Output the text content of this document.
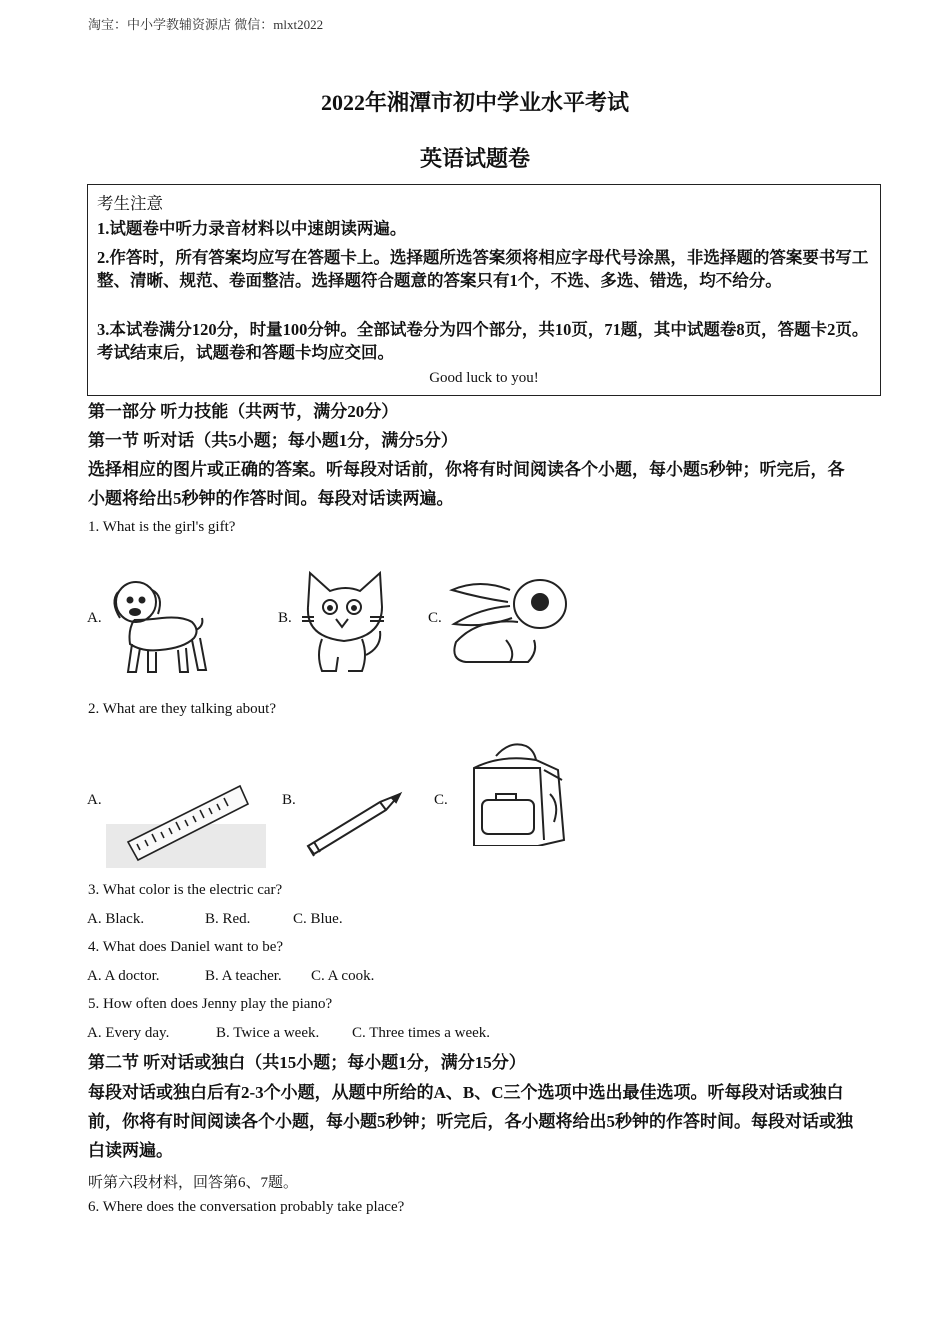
淘宝：中小学教辅资源店 微信：mlxt2022
2022年湘潭市初中学业水平考试
英语试题卷
考生注意
1.试题卷中听力录音材料以中速朗读两遍。
2.作答时，所有答案均应写在答题卡上。选择题所选答案须将相应字母代号涂黑，非选择题的答案要书写工整、清晰、规范、卷面整洁。选择题符合题意的答案只有1个，不选、多选、错选，均不给分。
3.本试卷满分120分，时量100分钟。全部试卷分为四个部分，共10页，71题，其中试题卷8页，答题卡2页。考试结束后，试题卷和答题卡均应交回。
Good luck to you!
第一部分 听力技能（共两节，满分20分）
第一节 听对话（共5小题；每小题1分，满分5分）
选择相应的图片或正确的答案。听每段对话前，你将有时间阅读各个小题，每小题5秒钟；听完后，各小题将给出5秒钟的作答时间。每段对话读两遍。
1. What is the girl's gift?
A.	B.	C.
2. What are they talking about?
A.	B.	C.
3. What color is the electric car?
A. Black.	B. Red.	C. Blue.
4. What does Daniel want to be?
A. A doctor.	B. A teacher. C. A cook.
5. How often does Jenny play the piano?
A. Every day.	B. Twice a week. C. Three times a week.
第二节 听对话或独白（共15小题；每小题1分，满分15分）
每段对话或独白后有2-3个小题，从题中所给的A、B、C三个选项中选出最佳选项。听每段对话或独白前，你将有时间阅读各个小题，每小题5秒钟；听完后，各小题将给出5秒钟的作答时间。每段对话或独白读两遍。
听第六段材料，回答第6、7题。
6. Where does the conversation probably take place?
